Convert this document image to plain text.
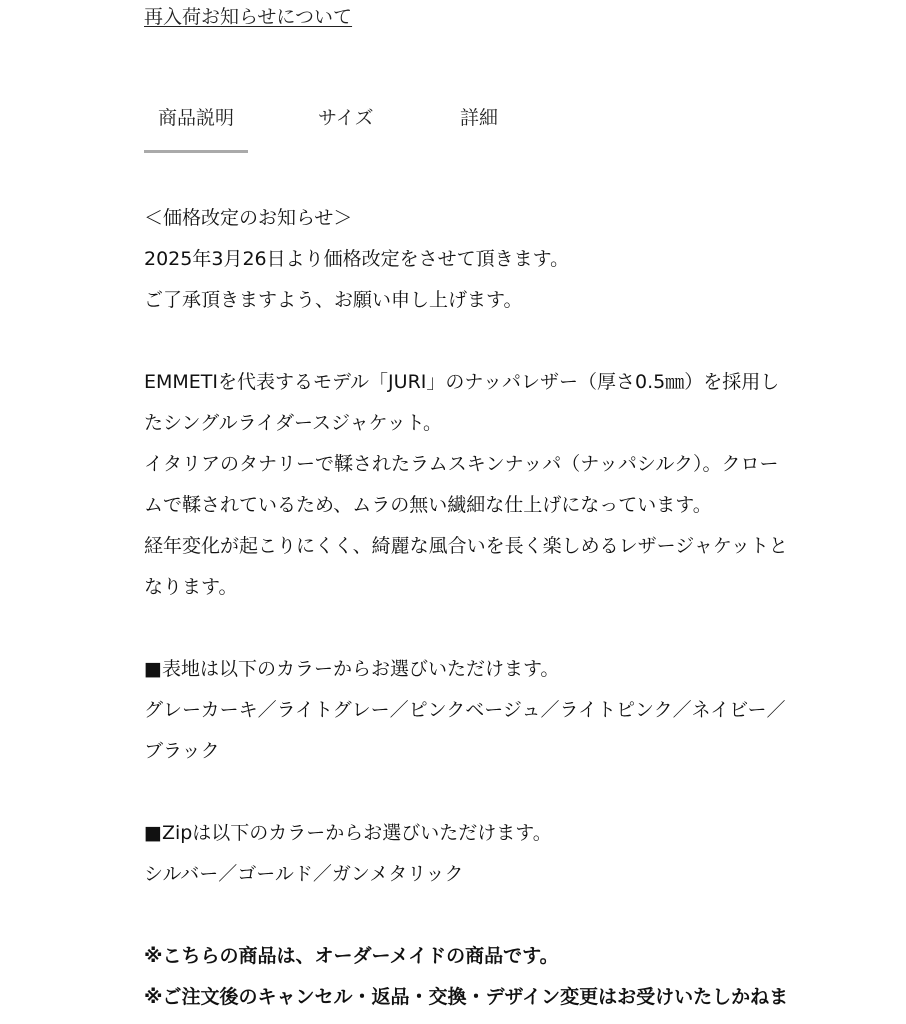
再入荷お知らせについて
商品説明	サイズ	詳細

＜価格改定のお知らせ＞

2025年3月26日より価格改定をさせて頂きます。

ご了承頂きますよう、お願い申し上げます。

EMMETIを代表するモデル「JURI」のナッパレザー（厚さ0.5㎜）を採用し

たシングルライダースジャケット。

イタリアのタナリーで鞣されたラムスキンナッパ（ナッパシルク）。クロー

ムで鞣されているため、ムラの無い繊細な仕上げになっています。

経年変化が起こりにくく、綺麗な風合いを長く楽しめるレザージャケットと

なります。

■表地は以下のカラーからお選びいただけます。

グレーカーキ／ライトグレー／ピンクベージュ／ライトピンク／ネイビー／

ブラック

■Zipは以下のカラーからお選びいただけます。

シルバー／ゴールド／ガンメタリック

※こちらの商品は、オーダーメイドの商品です。

※ご注文後のキャンセル・返品・交換・デザイン変更はお受けいたしかねま
